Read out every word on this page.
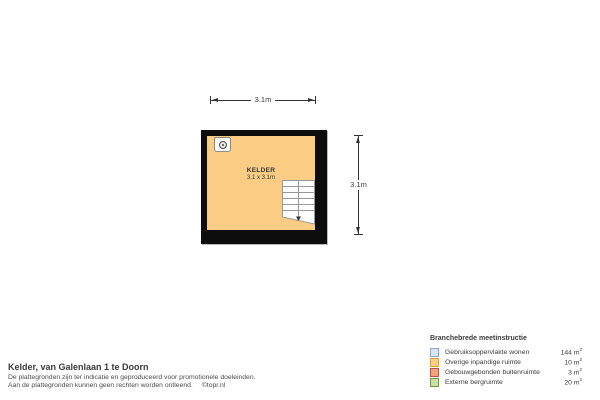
3.1m
3.1m
KELDER
3.1 x 3.1m
Kelder, van Galenlaan 1 te Doorn
De plattegronden zijn ter indicatie en geproduceerd voor promotionele doeleinden.
Aan de plattegronden kunnen geen rechten worden ontleend. ©topr.nl
Branchebrede meetinstructie
Gebruiksoppervlakte wonen	144 $m^2$
Overige inpandige ruimte	10 $m^2$
Gebouwgebonden buitenruimte	3 $m^2$
Externe bergruimte	20 $m^2$
